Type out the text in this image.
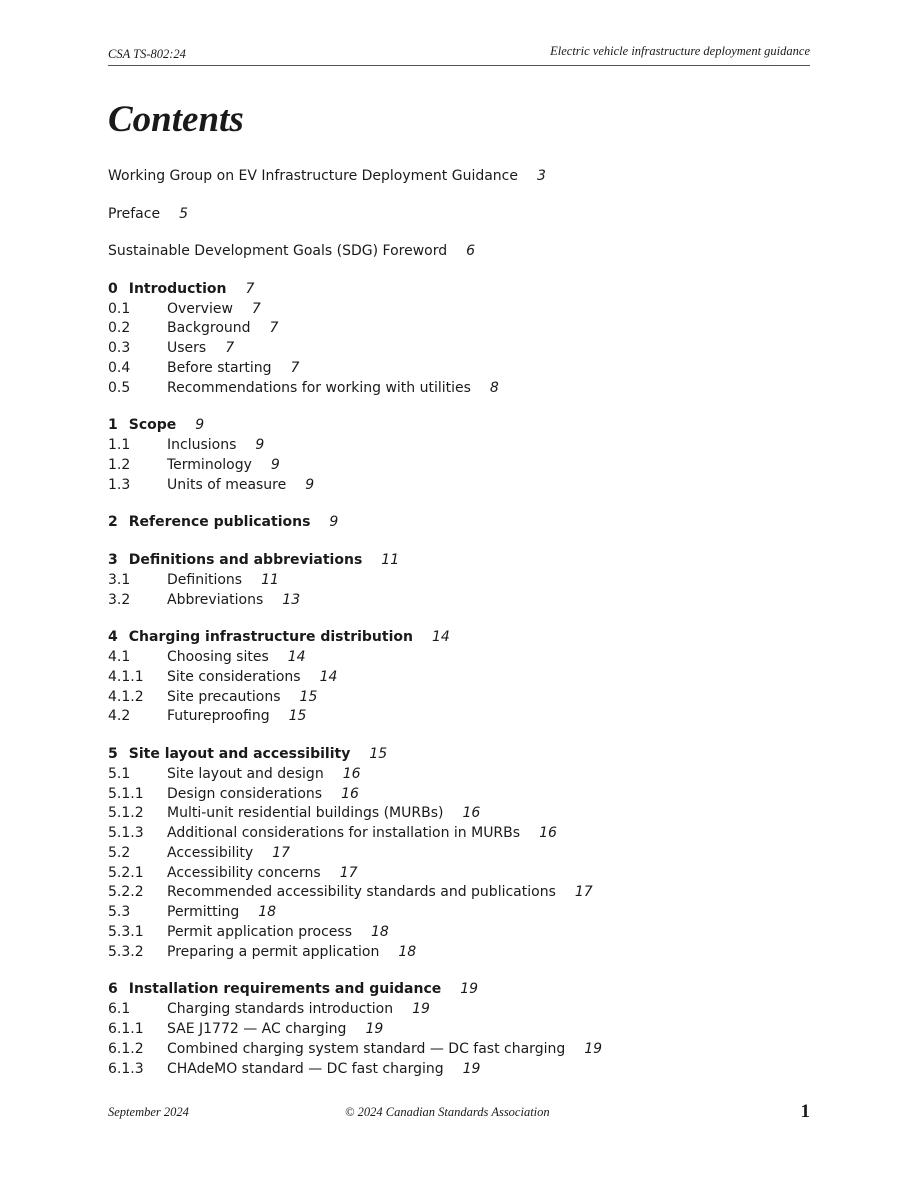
CSA TS-802:24	Electric vehicle infrastructure deployment guidance
Contents
Working Group on EV Infrastructure Deployment Guidance 3
Preface 5
Sustainable Development Goals (SDG) Foreword 6
0 Introduction 7
0.1	Overview 7
0.2	Background 7
0.3	Users 7
0.4	Before starting 7
0.5	Recommendations for working with utilities 8
1 Scope 9
1.1	Inclusions 9
1.2	Terminology 9
1.3	Units of measure 9
2 Reference publications 9
3 Definitions and abbreviations 11
3.1	Definitions 11
3.2	Abbreviations 13
4 Charging infrastructure distribution 14
4.1	Choosing sites 14
4.1.1 Site considerations 14
4.1.2 Site precautions 15
4.2	Futureproofing 15
5 Site layout and accessibility 15
5.1	Site layout and design 16
5.1.1 Design considerations 16
5.1.2 Multi-unit residential buildings (MURBs) 16
5.1.3 Additional considerations for installation in MURBs 16
5.2	Accessibility 17
5.2.1 Accessibility concerns 17
5.2.2 Recommended accessibility standards and publications 17
5.3	Permitting 18
5.3.1 Permit application process 18
5.3.2 Preparing a permit application 18
6 Installation requirements and guidance 19
6.1	Charging standards introduction 19
6.1.1 SAE J1772 — AC charging 19
6.1.2 Combined charging system standard — DC fast charging 19
6.1.3 CHAdeMO standard — DC fast charging 19
September 2024	© 2024 Canadian Standards Association	1
